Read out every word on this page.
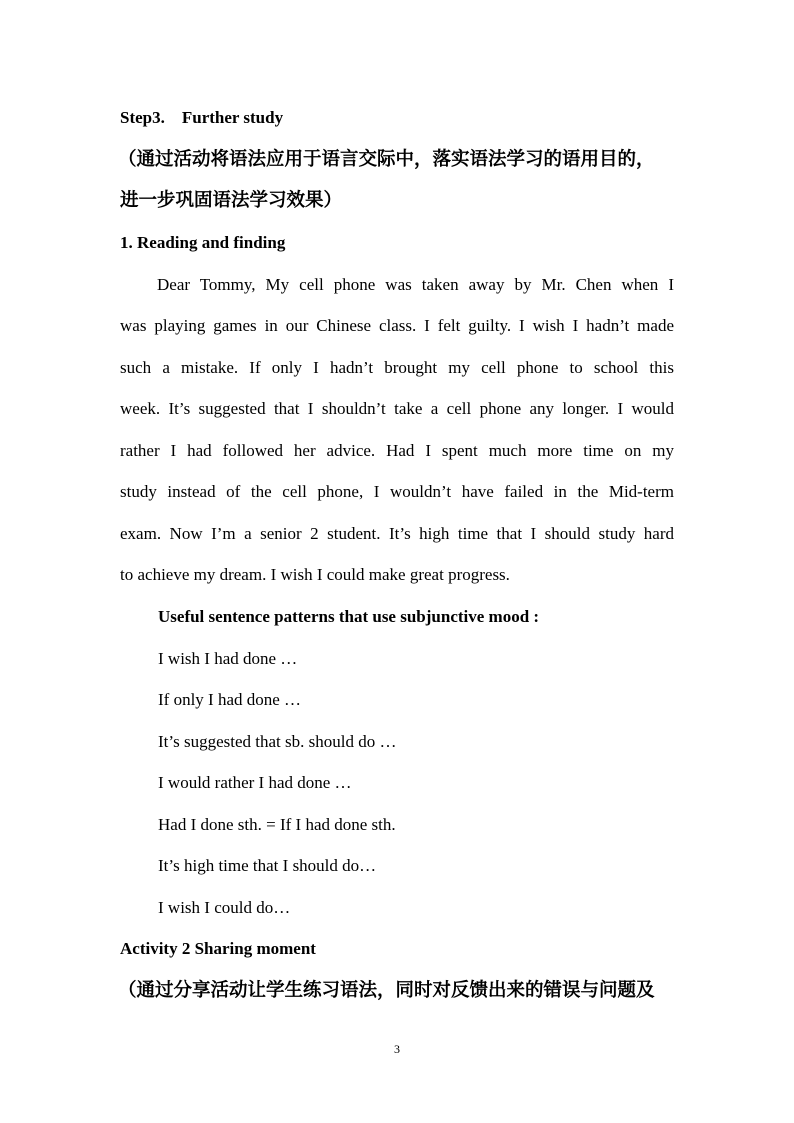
Step3.    Further study
（通过活动将语法应用于语言交际中，落实语法学习的语用目的，
进一步巩固语法学习效果）
1. Reading and finding
Dear Tommy, My cell phone was taken away by Mr. Chen when I
was playing games in our Chinese class. I felt guilty. I wish I hadn’t made
such a mistake. If only I hadn’t brought my cell phone to school this
week. It’s suggested that I shouldn’t take a cell phone any longer. I would
rather I had followed her advice. Had I spent much more time on my
study instead of the cell phone, I wouldn’t have failed in the Mid-term
exam. Now I’m a senior 2 student. It’s high time that I should study hard
to achieve my dream. I wish I could make great progress.
Useful sentence patterns that use subjunctive mood :
I wish I had done …
If only I had done …
It’s suggested that sb. should do …
I would rather I had done …
Had I done sth. = If I had done sth.
It’s high time that I should do…
I wish I could do…
Activity 2 Sharing moment
（通过分享活动让学生练习语法，同时对反馈出来的错误与问题及
3
